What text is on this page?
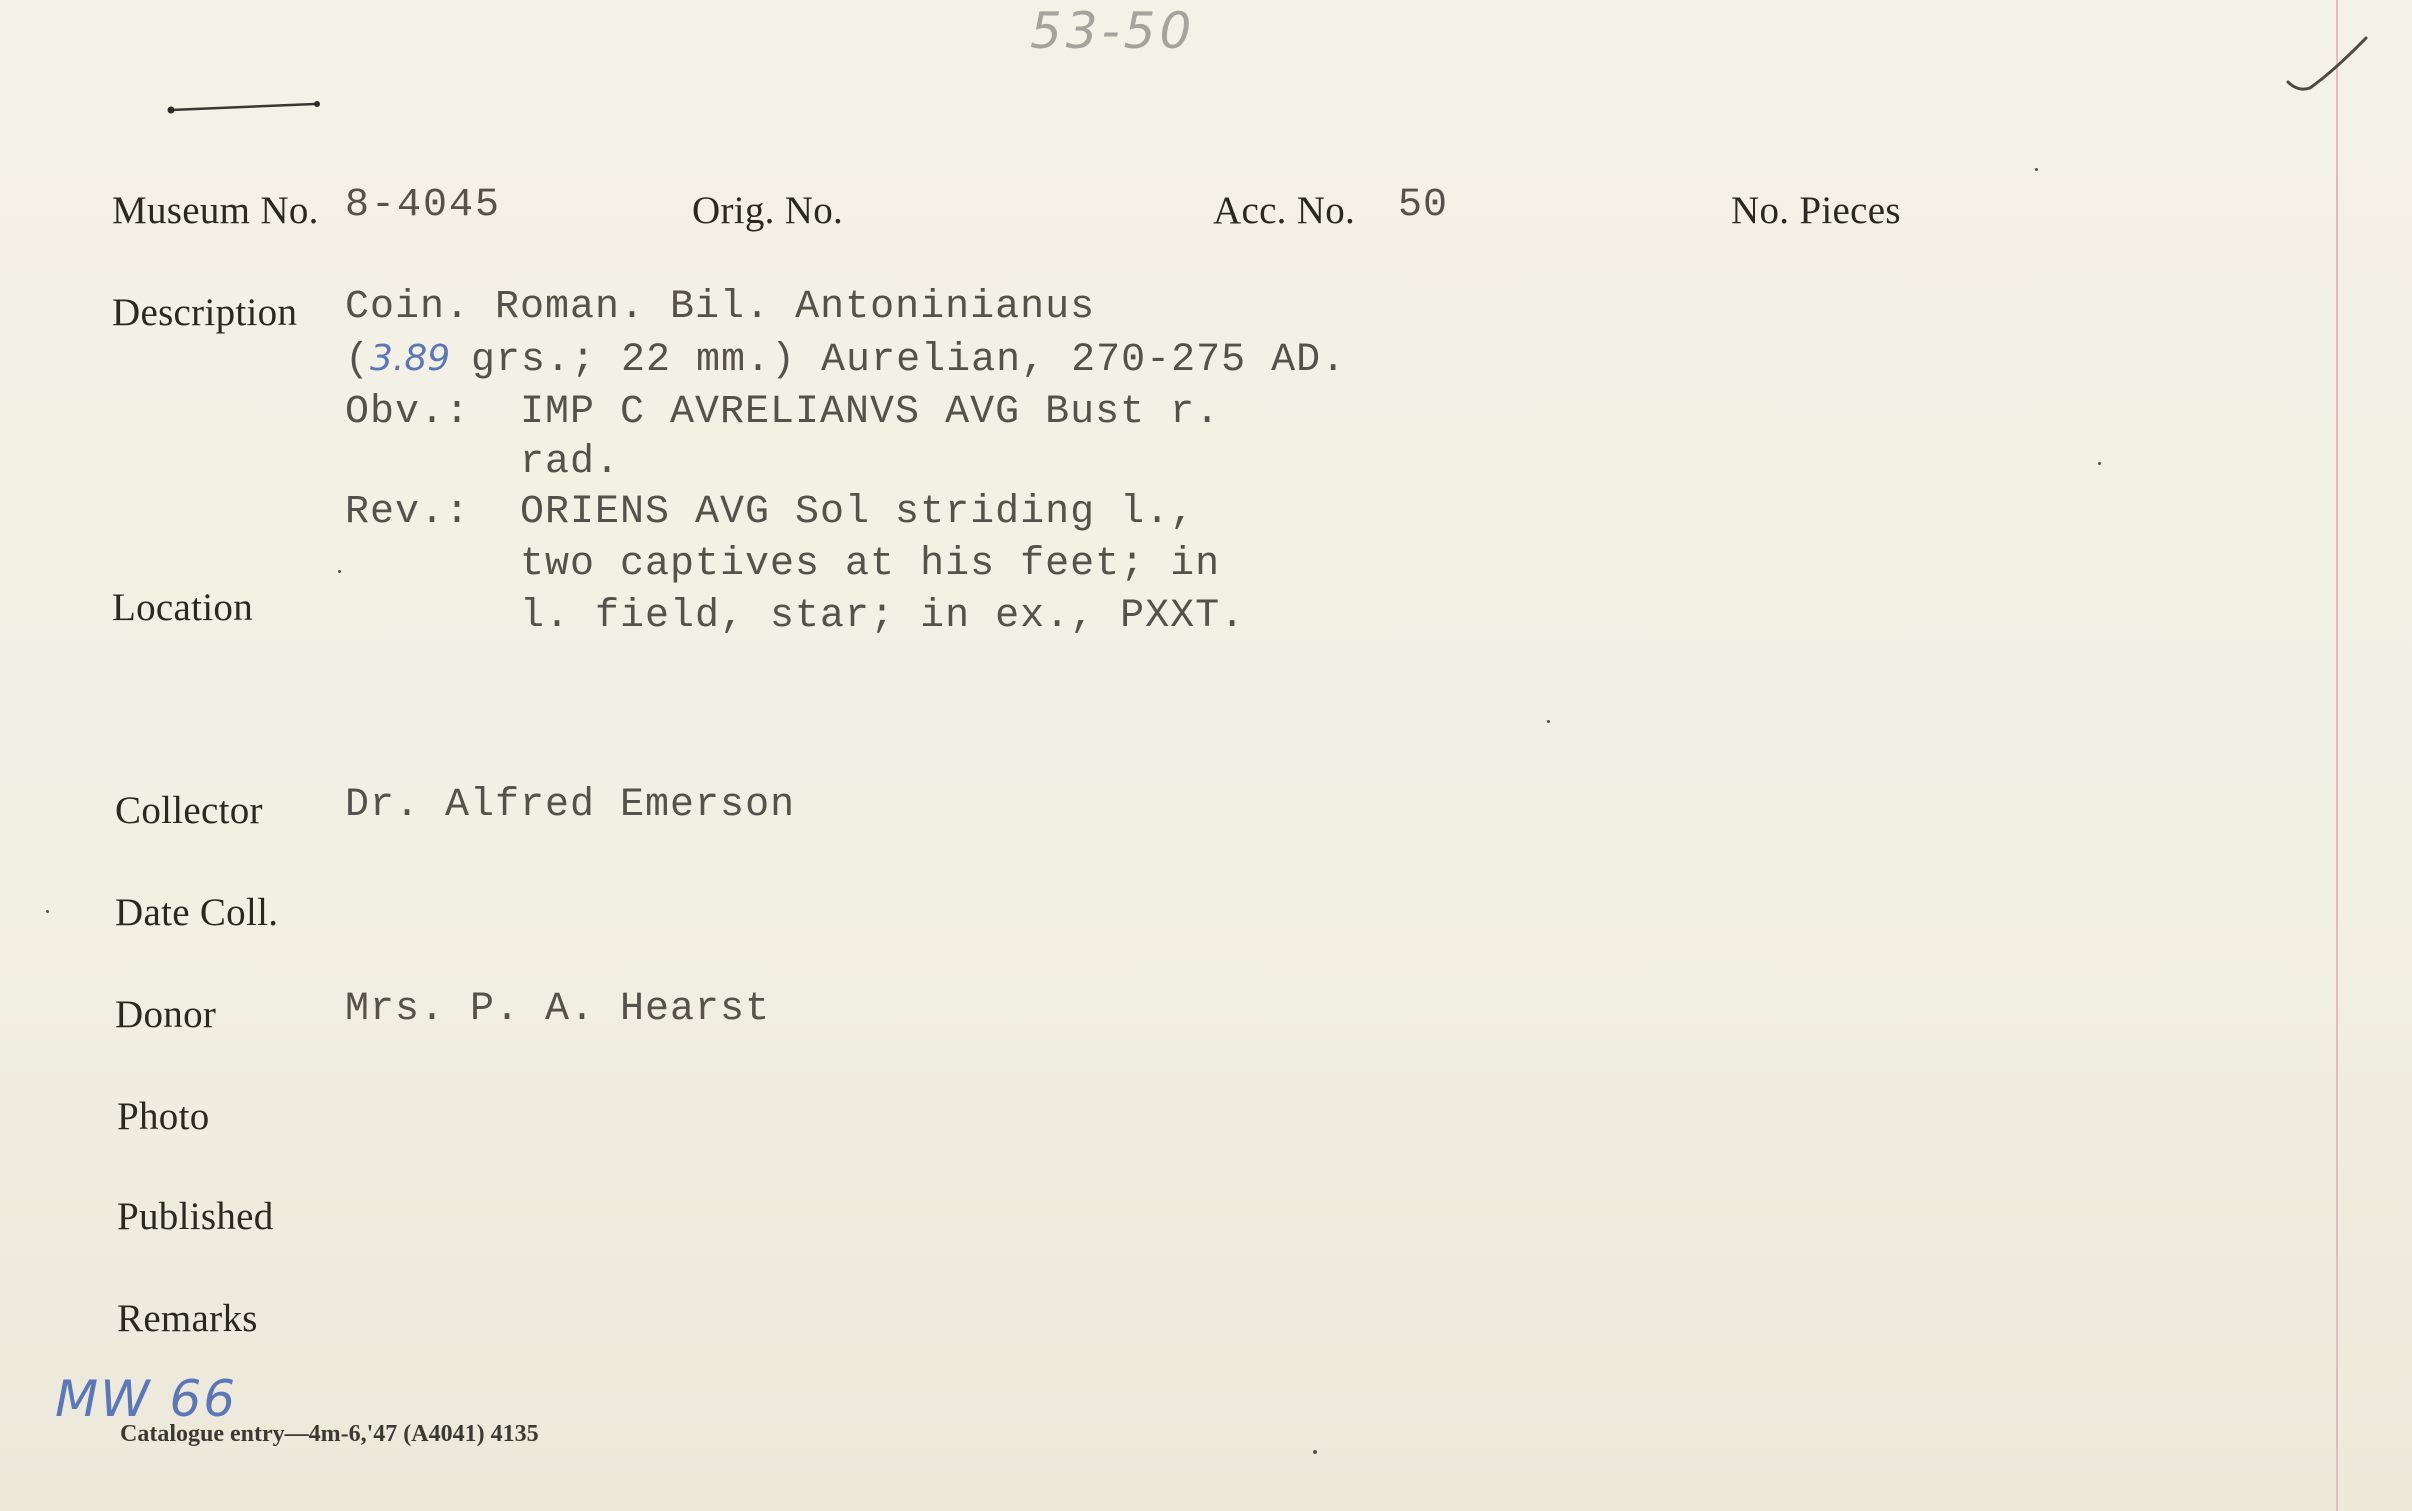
53-50
Museum No. 8-4045	Orig. No.	Acc. No. 50	No. Pieces
Description Coin. Roman. Bil. Antoninianus
( 3.89 grs.; 22 mm.) Aurelian, 270-275 AD.
Obv.: IMP C AVRELIANVS AVG Bust r.
rad.
Rev.: ORIENS AVG Sol striding l.,
two captives at his feet; in
l. field, star; in ex., PXXT.
Location
Collector Dr. Alfred Emerson
Date Coll.
Donor	Mrs. P. A. Hearst
Photo
Published
Remarks
MW 66
Catalogue entry—4m-6,'47 (A4041) 4135
